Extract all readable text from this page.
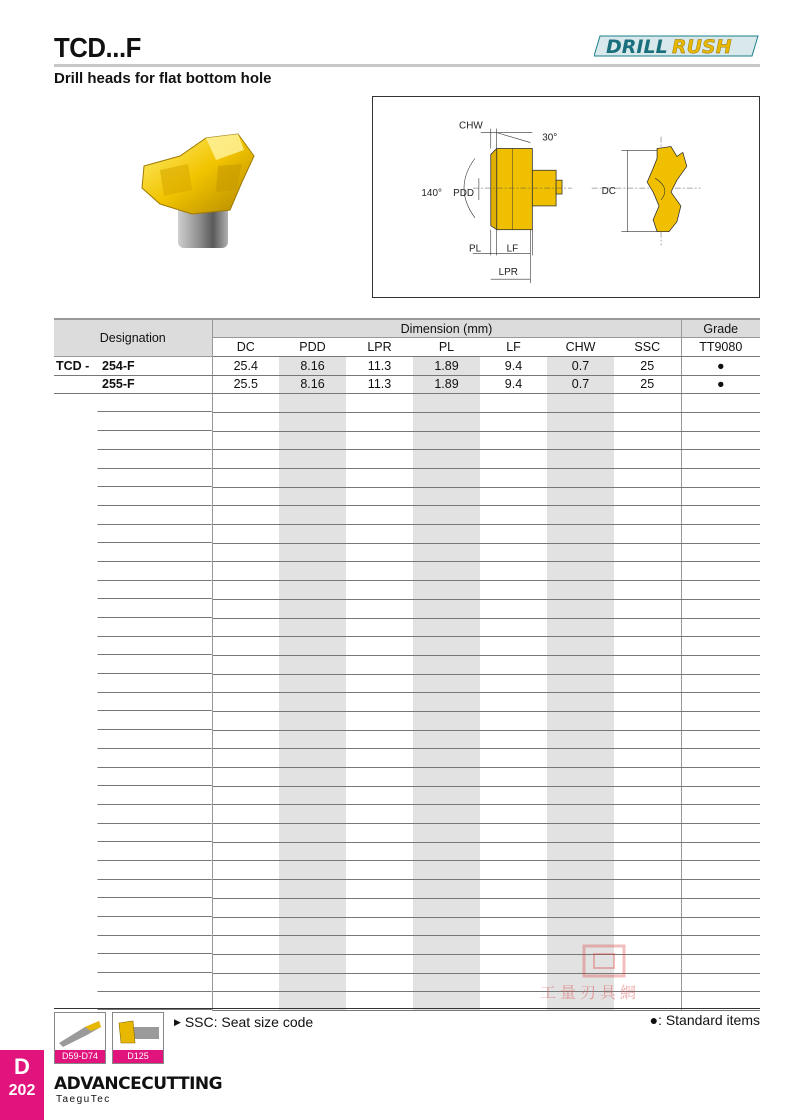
TCD...F
Drill heads for flat bottom hole
DRILL RUSH
CHW
30°
140° PDD
PL	LF
LPR
DC
Designation	Dimension (mm)							Grade
	DC	PDD	LPR	PL	LF	CHW	SSC	TT9080
TCD - 254-F	25.4	8.16	11.3	1.89	9.4	0.7	25	●
255-F	25.5	8.16	11.3	1.89	9.4	0.7	25	●

工量刃具網
D59-D74	D125
▶ SSC: Seat size code	●: Standard items
D
202	ADVANCECUTTING
TaeguTec
